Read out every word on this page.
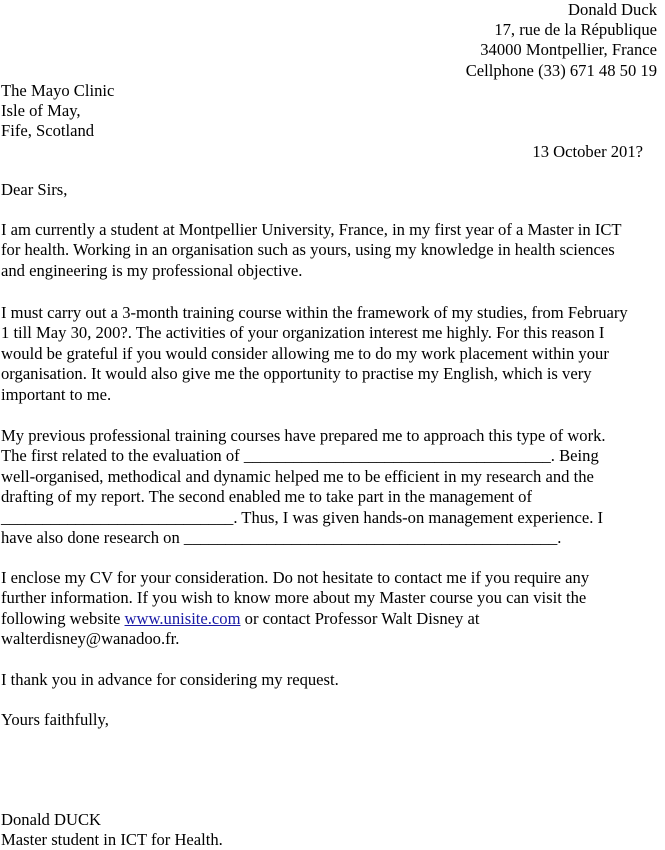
Donald Duck
17, rue de la République
34000 Montpellier, France
Cellphone (33) 671 48 50 19
The Mayo Clinic
Isle of May,
Fife, Scotland
13 October 201?
Dear Sirs,
I am currently a student at Montpellier University, France, in my first year of a Master in ICT
for health. Working in an organisation such as yours, using my knowledge in health sciences
and engineering is my professional objective.
I must carry out a 3-month training course within the framework of my studies, from February
1 till May 30, 200?. The activities of your organization interest me highly. For this reason I
would be grateful if you would consider allowing me to do my work placement within your
organisation. It would also give me the opportunity to practise my English, which is very
important to me.
My previous professional training courses have prepared me to approach this type of work.
The first related to the evaluation of _____________________________________. Being
well-organised, methodical and dynamic helped me to be efficient in my research and the
drafting of my report. The second enabled me to take part in the management of
____________________________. Thus, I was given hands-on management experience. I
have also done research on _____________________________________________.
I enclose my CV for your consideration. Do not hesitate to contact me if you require any
further information. If you wish to know more about my Master course you can visit the
following website www.unisite.com or contact Professor Walt Disney at
walterdisney@wanadoo.fr.
I thank you in advance for considering my request.
Yours faithfully,
Donald DUCK
Master student in ICT for Health.
